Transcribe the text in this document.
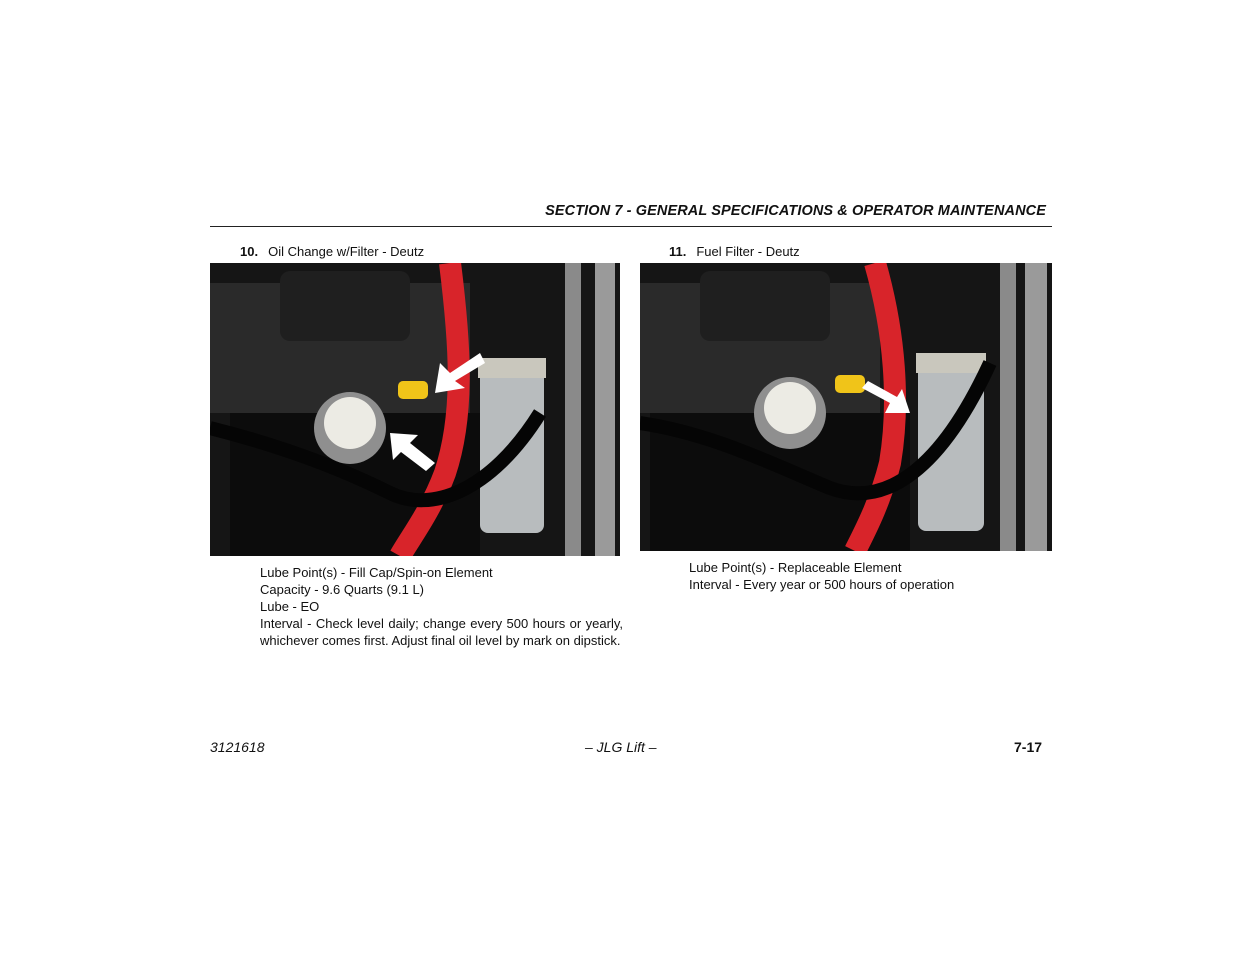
SECTION 7 - GENERAL SPECIFICATIONS & OPERATOR MAINTENANCE
10. Oil Change w/Filter - Deutz
Lube Point(s) - Fill Cap/Spin-on Element
Capacity - 9.6 Quarts (9.1 L)
Lube - EO
Interval - Check level daily; change every 500 hours or yearly, whichever comes first. Adjust final oil level by mark on dipstick.
11. Fuel Filter - Deutz
Lube Point(s) - Replaceable Element
Interval - Every year or 500 hours of operation
3121618	– JLG Lift –	7-17
